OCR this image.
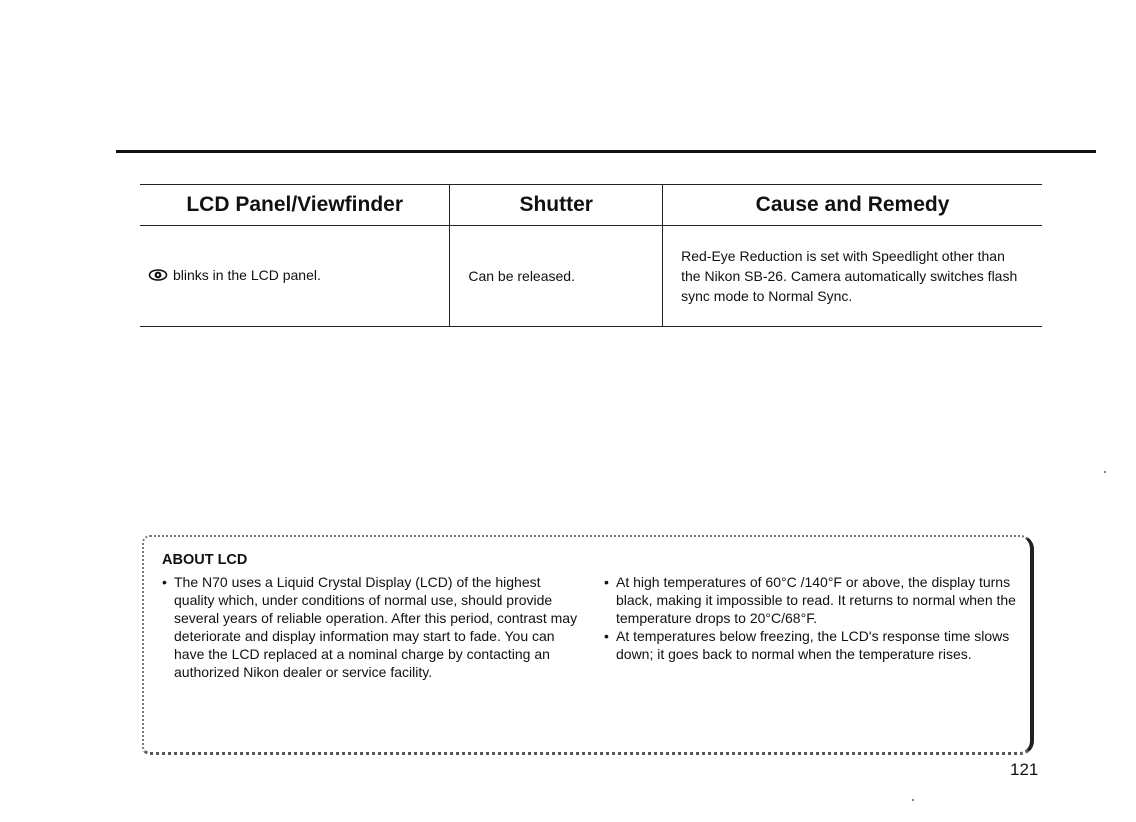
LCD Panel/Viewfinder	Shutter	Cause and Remedy
blinks in the LCD panel.	Can be released.	Red-Eye Reduction is set with Speedlight other than the Nikon SB-26. Camera automatically switches flash sync mode to Normal Sync.
ABOUT LCD
• The N70 uses a Liquid Crystal Display (LCD) of the highest quality which, under conditions of normal use, should provide several years of reliable operation. After this period, contrast may deteriorate and display information may start to fade. You can have the LCD replaced at a nominal charge by contacting an authorized Nikon dealer or service facility.
• At high temperatures of 60°C /140°F or above, the display turns black, making it impossible to read. It returns to normal when the temperature drops to 20°C/68°F.
• At temperatures below freezing, the LCD's response time slows down; it goes back to normal when the temperature rises.
121
